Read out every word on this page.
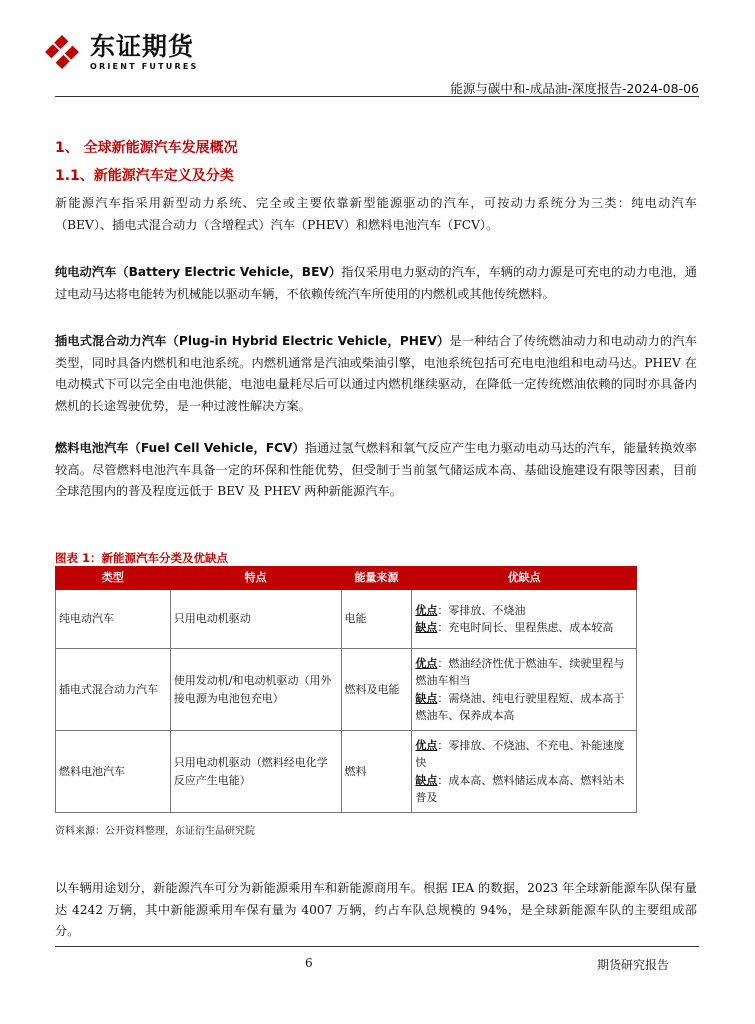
东证期货
ORIENT FUTURES
能源与碳中和-成品油-深度报告-2024-08-06
1、 全球新能源汽车发展概况
1.1、新能源汽车定义及分类
新能源汽车指采用新型动力系统、完全或主要依靠新型能源驱动的汽车，可按动力系统分为三类：纯电动汽车（BEV）、插电式混合动力（含增程式）汽车（PHEV）和燃料电池汽车（FCV）。
纯电动汽车（Battery Electric Vehicle，BEV）指仅采用电力驱动的汽车，车辆的动力源是可充电的动力电池，通过电动马达将电能转为机械能以驱动车辆，不依赖传统汽车所使用的内燃机或其他传统燃料。
插电式混合动力汽车（Plug-in Hybrid Electric Vehicle，PHEV）是一种结合了传统燃油动力和电动动力的汽车类型，同时具备内燃机和电池系统。内燃机通常是汽油或柴油引擎，电池系统包括可充电电池组和电动马达。PHEV 在电动模式下可以完全由电池供能，电池电量耗尽后可以通过内燃机继续驱动，在降低一定传统燃油依赖的同时亦具备内燃机的长途驾驶优势，是一种过渡性解决方案。
燃料电池汽车（Fuel Cell Vehicle，FCV）指通过氢气燃料和氧气反应产生电力驱动电动马达的汽车，能量转换效率较高。尽管燃料电池汽车具备一定的环保和性能优势，但受制于当前氢气储运成本高、基础设施建设有限等因素，目前全球范围内的普及程度远低于 BEV 及 PHEV 两种新能源汽车。
图表 1：新能源汽车分类及优缺点
类型	特点	能量来源	优缺点
纯电动汽车	只用电动机驱动	电能	优点：零排放、不烧油
缺点：充电时间长、里程焦虑、成本较高

插电式混合动力汽车	使用发动机/和电动机驱动（用外接电源为电池包充电）	燃料及电能	优点：燃油经济性优于燃油车、续驶里程与燃油车相当
缺点：需烧油、纯电行驶里程短、成本高于燃油车、保养成本高

燃料电池汽车	只用电动机驱动（燃料经电化学反应产生电能）	燃料	优点：零排放、不烧油、不充电、补能速度快
缺点：成本高、燃料储运成本高、燃料站未普及
资料来源：公开资料整理，东证衍生品研究院
以车辆用途划分，新能源汽车可分为新能源乘用车和新能源商用车。根据 IEA 的数据，2023 年全球新能源车队保有量达 4242 万辆，其中新能源乘用车保有量为 4007 万辆，约占车队总规模的 94%，是全球新能源车队的主要组成部分。
6	期货研究报告
